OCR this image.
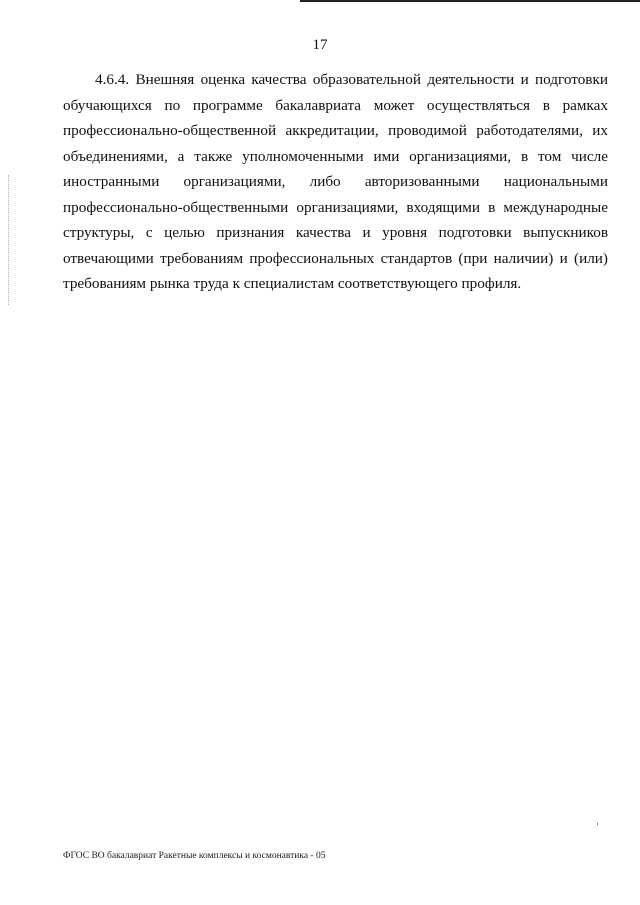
17

4.6.4. Внешняя оценка качества образовательной деятельности и подготовки обучающихся по программе бакалавриата может осуществляться в рамках профессионально-общественной аккредитации, проводимой работодателями, их объединениями, а также уполномоченными ими организациями, в том числе иностранными организациями, либо авторизованными национальными профессионально-общественными организациями, входящими в международные структуры, с целью признания качества и уровня подготовки выпускников отвечающими требованиям профессиональных стандартов (при наличии) и (или) требованиям рынка труда к специалистам соответствующего профиля.

ФГОС ВО бакалавриат Ракетные комплексы и космонавтика - 05
